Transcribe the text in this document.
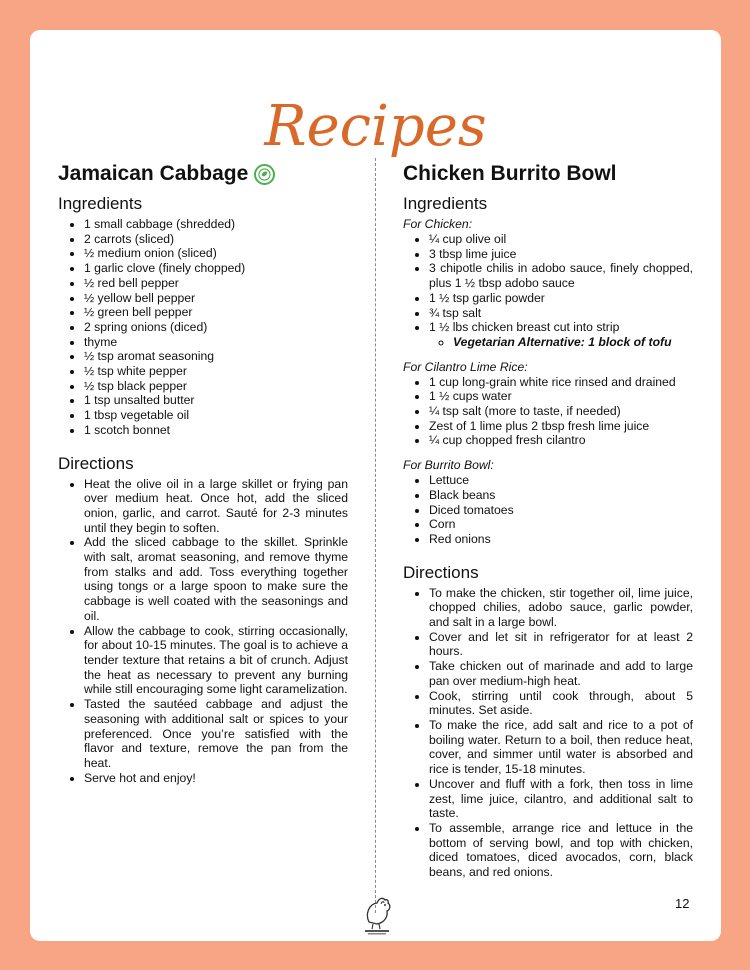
Recipes
Jamaican Cabbage
Ingredients
• 1 small cabbage (shredded)
• 2 carrots (sliced)
• ½ medium onion (sliced)
• 1 garlic clove (finely chopped)
• ½ red bell pepper
• ½ yellow bell pepper
• ½ green bell pepper
• 2 spring onions (diced)
• thyme
• ½ tsp aromat seasoning
• ½ tsp white pepper
• ½ tsp black pepper
• 1 tsp unsalted butter
• 1 tbsp vegetable oil
• 1 scotch bonnet
Directions
• Heat the olive oil in a large skillet or frying pan over medium heat. Once hot, add the sliced onion, garlic, and carrot. Sauté for 2-3 minutes until they begin to soften.
• Add the sliced cabbage to the skillet. Sprinkle with salt, aromat seasoning, and remove thyme from stalks and add. Toss everything together using tongs or a large spoon to make sure the cabbage is well coated with the seasonings and oil.
• Allow the cabbage to cook, stirring occasionally, for about 10-15 minutes. The goal is to achieve a tender texture that retains a bit of crunch. Adjust the heat as necessary to prevent any burning while still encouraging some light caramelization.
• Tasted the sautéed cabbage and adjust the seasoning with additional salt or spices to your preferenced. Once you’re satisfied with the flavor and texture, remove the pan from the heat.
• Serve hot and enjoy!
Chicken Burrito Bowl
Ingredients

For Chicken:

• ¼ cup olive oil
• 3 tbsp lime juice
• 3 chipotle chilis in adobo sauce, finely chopped, plus 1 ½ tbsp adobo sauce
• 1 ½ tsp garlic powder
• ¾ tsp salt
• 1 ½ lbs chicken breast cut into strip
◦ Vegetarian Alternative: 1 block of tofu

For Cilantro Lime Rice:

• 1 cup long-grain white rice rinsed and drained
• 1 ½ cups water
• ¼ tsp salt (more to taste, if needed)
• Zest of 1 lime plus 2 tbsp fresh lime juice
• ¼ cup chopped fresh cilantro

For Burrito Bowl:

• Lettuce
• Black beans
• Diced tomatoes
• Corn
• Red onions
Directions
• To make the chicken, stir together oil, lime juice, chopped chilies, adobo sauce, garlic powder, and salt in a large bowl.
• Cover and let sit in refrigerator for at least 2 hours.
• Take chicken out of marinade and add to large pan over medium-high heat.
• Cook, stirring until cook through, about 5 minutes. Set aside.
• To make the rice, add salt and rice to a pot of boiling water. Return to a boil, then reduce heat, cover, and simmer until water is absorbed and rice is tender, 15-18 minutes.
• Uncover and fluff with a fork, then toss in lime zest, lime juice, cilantro, and additional salt to taste.
• To assemble, arrange rice and lettuce in the bottom of serving bowl, and top with chicken, diced tomatoes, diced avocados, corn, black beans, and red onions.
12
